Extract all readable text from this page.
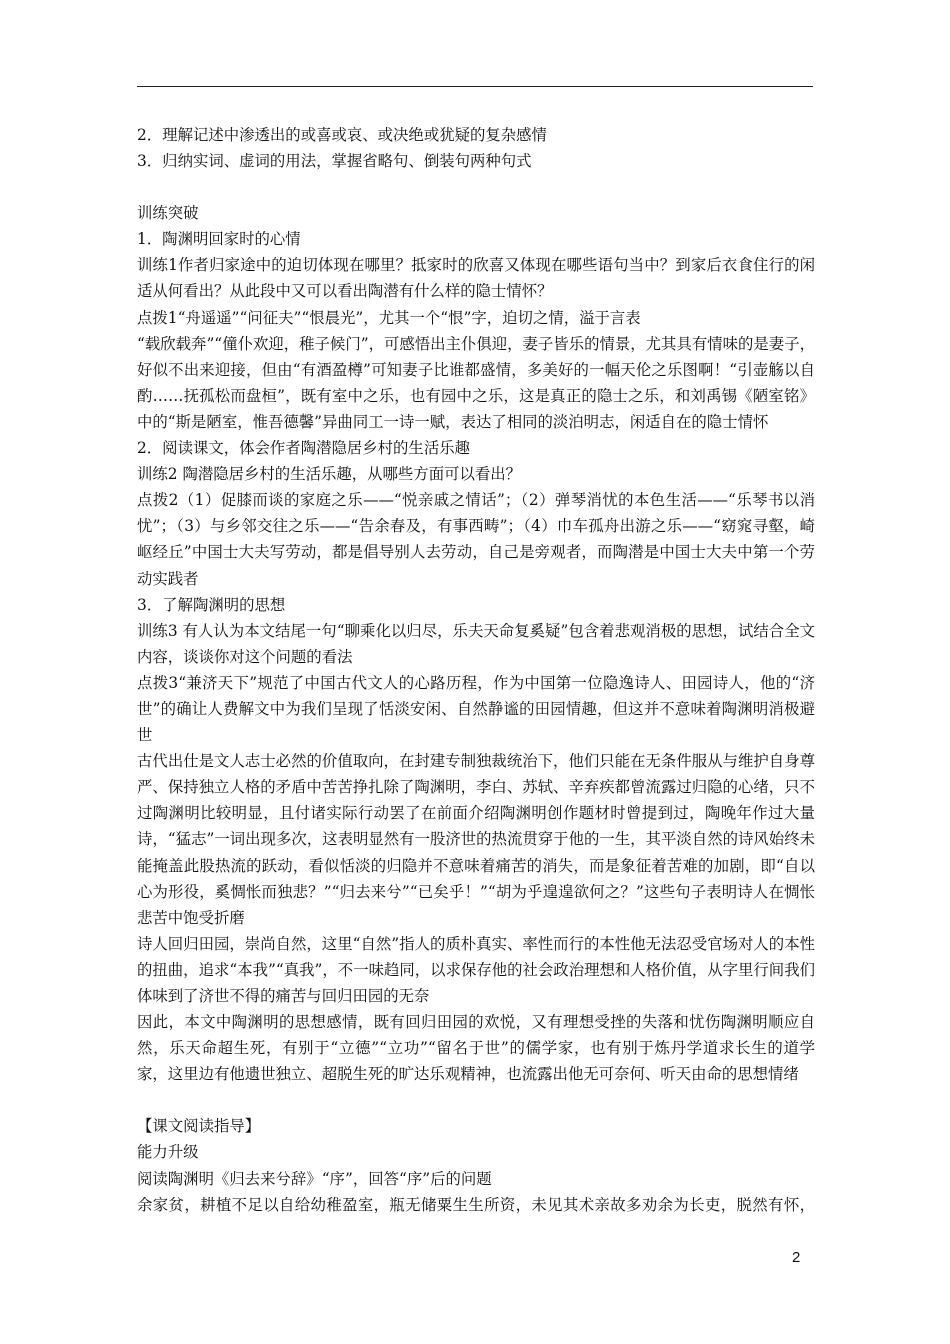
2．理解记述中渗透出的或喜或哀、或决绝或犹疑的复杂感情

3．归纳实词、虚词的用法，掌握省略句、倒装句两种句式

训练突破

1．陶渊明回家时的心情

训练1作者归家途中的迫切体现在哪里？抵家时的欣喜又体现在哪些语句当中？到家后衣食住行的闲适从何看出？从此段中又可以看出陶潜有什么样的隐士情怀？

点拨1“舟遥遥”“问征夫”“恨晨光”，尤其一个“恨”字，迫切之情，溢于言表

“载欣载奔”“僮仆欢迎，稚子候门”，可感悟出主仆俱迎，妻子皆乐的情景，尤其具有情味的是妻子，好似不出来迎接，但由“有酒盈樽”可知妻子比谁都盛情，多美好的一幅天伦之乐图啊！“引壶觞以自酌……抚孤松而盘桓”，既有室中之乐，也有园中之乐，这是真正的隐士之乐，和刘禹锡《陋室铭》中的“斯是陋室，惟吾德馨”异曲同工一诗一赋，表达了相同的淡泊明志，闲适自在的隐士情怀

2．阅读课文，体会作者陶潜隐居乡村的生活乐趣

训练2 陶潜隐居乡村的生活乐趣，从哪些方面可以看出？

点拨2（1）促膝而谈的家庭之乐——“悦亲戚之情话”；（2）弹琴消忧的本色生活——“乐琴书以消忧”；（3）与乡邻交往之乐——“告余春及，有事西畴”；（4）巾车孤舟出游之乐——“窈窕寻壑，崎岖经丘”中国士大夫写劳动，都是倡导别人去劳动，自己是旁观者，而陶潜是中国士大夫中第一个劳动实践者

3．了解陶渊明的思想

训练3 有人认为本文结尾一句“聊乘化以归尽，乐夫天命复奚疑”包含着悲观消极的思想，试结合全文内容，谈谈你对这个问题的看法

点拨3“兼济天下”规范了中国古代文人的心路历程，作为中国第一位隐逸诗人、田园诗人，他的“济世”的确让人费解文中为我们呈现了恬淡安闲、自然静谧的田园情趣，但这并不意味着陶渊明消极避世

古代出仕是文人志士必然的价值取向，在封建专制独裁统治下，他们只能在无条件服从与维护自身尊严、保持独立人格的矛盾中苦苦挣扎除了陶渊明，李白、苏轼、辛弃疾都曾流露过归隐的心绪，只不过陶渊明比较明显，且付诸实际行动罢了在前面介绍陶渊明创作题材时曾提到过，陶晚年作过大量诗，“猛志”一词出现多次，这表明显然有一股济世的热流贯穿于他的一生，其平淡自然的诗风始终未能掩盖此股热流的跃动，看似恬淡的归隐并不意味着痛苦的消失，而是象征着苦难的加剧，即“自以心为形役，奚惆怅而独悲？”“归去来兮”“已矣乎！”“胡为乎遑遑欲何之？”这些句子表明诗人在惆怅悲苦中饱受折磨

诗人回归田园，崇尚自然，这里“自然”指人的质朴真实、率性而行的本性他无法忍受官场对人的本性的扭曲，追求“本我”“真我”，不一味趋同，以求保存他的社会政治理想和人格价值，从字里行间我们体味到了济世不得的痛苦与回归田园的无奈

因此，本文中陶渊明的思想感情，既有回归田园的欢悦，又有理想受挫的失落和忧伤陶渊明顺应自然，乐天命超生死，有别于“立德”“立功”“留名于世”的儒学家，也有别于炼丹学道求长生的道学家，这里边有他遗世独立、超脱生死的旷达乐观精神，也流露出他无可奈何、听天由命的思想情绪

【课文阅读指导】

能力升级

阅读陶渊明《归去来兮辞》“序”，回答“序”后的问题

余家贫，耕植不足以自给幼稚盈室，瓶无储粟生生所资，未见其术亲故多劝余为长吏，脱然有怀，

2
